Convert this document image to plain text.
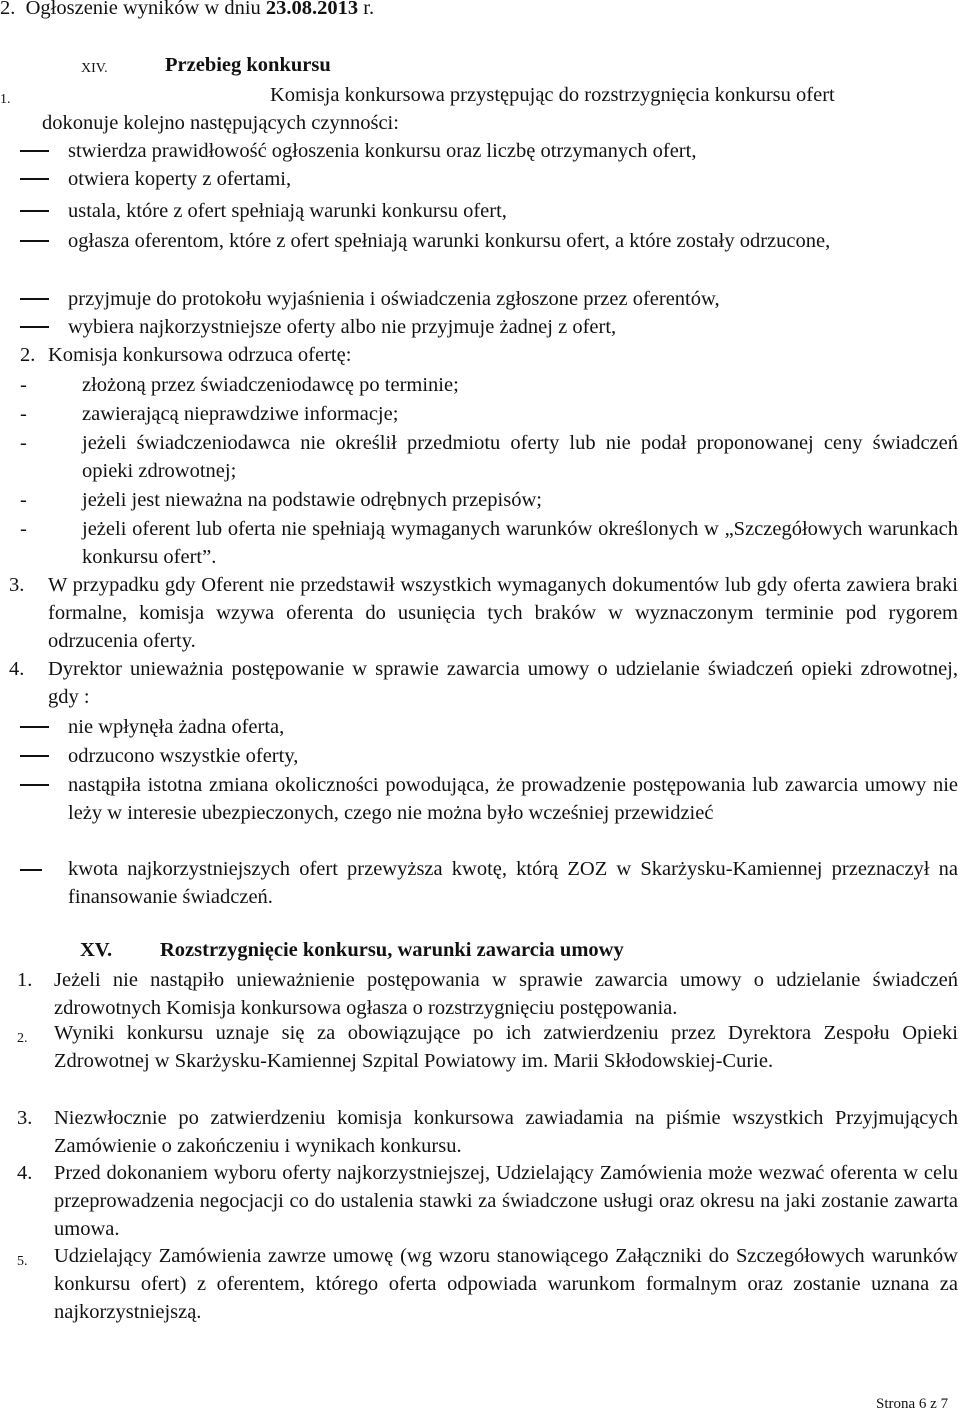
2. Ogłoszenie wyników w dniu 23.08.2013 r.
XIV.	Przebieg konkursu
1.	Komisja konkursowa przystępując do rozstrzygnięcia konkursu ofert
dokonuje kolejno następujących czynności:
stwierdza prawidłowość ogłoszenia konkursu oraz liczbę otrzymanych ofert,
otwiera koperty z ofertami,
ustala, które z ofert spełniają warunki konkursu ofert,
ogłasza oferentom, które z ofert spełniają warunki konkursu ofert, a które zostały odrzucone,
przyjmuje do protokołu wyjaśnienia i oświadczenia zgłoszone przez oferentów,
wybiera najkorzystniejsze oferty albo nie przyjmuje żadnej z ofert,
2. Komisja konkursowa odrzuca ofertę:
-	złożoną przez świadczeniodawcę po terminie;
-	zawierającą nieprawdziwe informacje;
-	jeżeli świadczeniodawca nie określił przedmiotu oferty lub nie podał proponowanej ceny świadczeń opieki zdrowotnej;
-	jeżeli jest nieważna na podstawie odrębnych przepisów;
-	jeżeli oferent lub oferta nie spełniają wymaganych warunków określonych w „Szczegółowych warunkach konkursu ofert”.
3. W przypadku gdy Oferent nie przedstawił wszystkich wymaganych dokumentów lub gdy oferta zawiera braki formalne, komisja wzywa oferenta do usunięcia tych braków w wyznaczonym terminie pod rygorem odrzucenia oferty.
4. Dyrektor unieważnia postępowanie w sprawie zawarcia umowy o udzielanie świadczeń opieki zdrowotnej, gdy :
nie wpłynęła żadna oferta,
odrzucono wszystkie oferty,
nastąpiła istotna zmiana okoliczności powodująca, że prowadzenie postępowania lub zawarcia umowy nie leży w interesie ubezpieczonych, czego nie można było wcześniej przewidzieć
kwota najkorzystniejszych ofert przewyższa kwotę, którą ZOZ w Skarżysku-Kamiennej przeznaczył na finansowanie świadczeń.
XV. Rozstrzygnięcie konkursu, warunki zawarcia umowy
1. Jeżeli nie nastąpiło unieważnienie postępowania w sprawie zawarcia umowy o udzielanie świadczeń zdrowotnych Komisja konkursowa ogłasza o rozstrzygnięciu postępowania.
2. Wyniki konkursu uznaje się za obowiązujące po ich zatwierdzeniu przez Dyrektora Zespołu Opieki Zdrowotnej w Skarżysku-Kamiennej Szpital Powiatowy im. Marii Skłodowskiej-Curie.
3. Niezwłocznie po zatwierdzeniu komisja konkursowa zawiadamia na piśmie wszystkich Przyjmujących Zamówienie o zakończeniu i wynikach konkursu.
4. Przed dokonaniem wyboru oferty najkorzystniejszej, Udzielający Zamówienia może wezwać oferenta w celu przeprowadzenia negocjacji co do ustalenia stawki za świadczone usługi oraz okresu na jaki zostanie zawarta umowa.
5. Udzielający Zamówienia zawrze umowę (wg wzoru stanowiącego Załączniki do Szczegółowych warunków konkursu ofert) z oferentem, którego oferta odpowiada warunkom formalnym oraz zostanie uznana za najkorzystniejszą.
Strona 6 z 7
